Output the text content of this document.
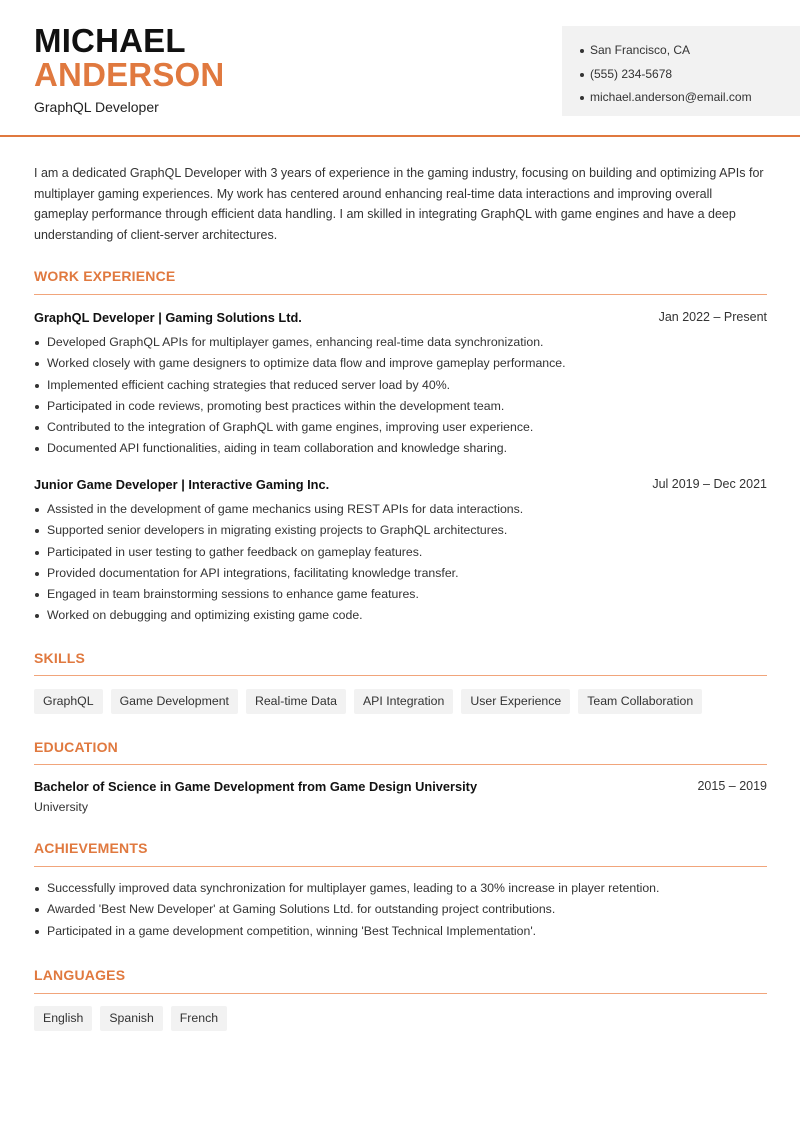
MICHAEL
ANDERSON
GraphQL Developer
San Francisco, CA
(555) 234-5678
michael.anderson@email.com

I am a dedicated GraphQL Developer with 3 years of experience in the gaming industry, focusing on building and optimizing APIs for multiplayer gaming experiences. My work has centered around enhancing real-time data interactions and improving overall gameplay performance through efficient data handling. I am skilled in integrating GraphQL with game engines and have a deep understanding of client-server architectures.

WORK EXPERIENCE
GraphQL Developer | Gaming Solutions Ltd.	Jan 2022 – Present
Developed GraphQL APIs for multiplayer games, enhancing real-time data synchronization.
Worked closely with game designers to optimize data flow and improve gameplay performance.
Implemented efficient caching strategies that reduced server load by 40%.
Participated in code reviews, promoting best practices within the development team.
Contributed to the integration of GraphQL with game engines, improving user experience.
Documented API functionalities, aiding in team collaboration and knowledge sharing.
Junior Game Developer | Interactive Gaming Inc.	Jul 2019 – Dec 2021
Assisted in the development of game mechanics using REST APIs for data interactions.
Supported senior developers in migrating existing projects to GraphQL architectures.
Participated in user testing to gather feedback on gameplay features.
Provided documentation for API integrations, facilitating knowledge transfer.
Engaged in team brainstorming sessions to enhance game features.
Worked on debugging and optimizing existing game code.
SKILLS
GraphQL	Game Development	Real-time Data	API Integration	User Experience	Team Collaboration
EDUCATION
Bachelor of Science in Game Development from Game Design University	2015 – 2019
University
ACHIEVEMENTS
Successfully improved data synchronization for multiplayer games, leading to a 30% increase in player retention.
Awarded 'Best New Developer' at Gaming Solutions Ltd. for outstanding project contributions.
Participated in a game development competition, winning 'Best Technical Implementation'.
LANGUAGES
English	Spanish	French
